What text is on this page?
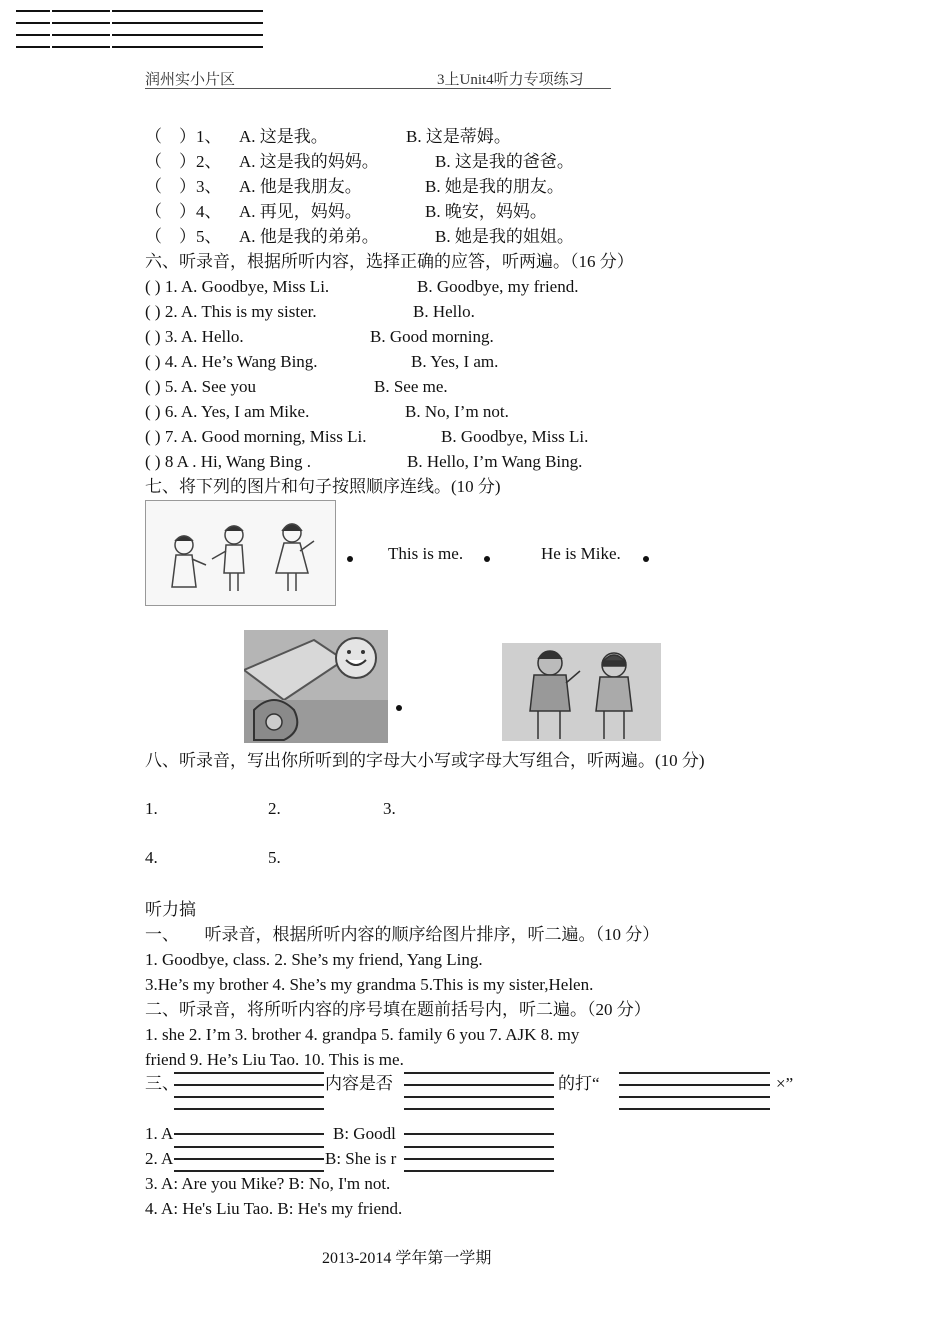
润州实小片区	3上Unit4听力专项练习
（　）1、 A. 这是我。	B. 这是蒂姆。
（　）2、 A. 这是我的妈妈。	B. 这是我的爸爸。
（　）3、 A. 他是我朋友。	B. 她是我的朋友。
（　）4、 A. 再见，妈妈。	B. 晚安，妈妈。
（　）5、 A. 他是我的弟弟。	B. 她是我的姐姐。
六、听录音，根据所听内容，选择正确的应答，听两遍。（16 分）
( ) 1. A. Goodbye, Miss Li.	B. Goodbye, my friend.
( ) 2. A. This is my sister.	B. Hello.
( ) 3. A. Hello.	B. Good morning.
( ) 4. A. He’s Wang Bing.	B. Yes, I am.
( ) 5. A. See you	B. See me.
( ) 6. A. Yes, I am Mike.	B. No, I’m not.
( ) 7. A. Good morning, Miss Li.	B. Goodbye, Miss Li.
( ) 8 A . Hi, Wang Bing .	B. Hello, I’m Wang Bing.
七、将下列的图片和句子按照顺序连线。(10 分)
This is me.	He is Mike.
八、听录音，写出你所听到的字母大小写或字母大写组合，听两遍。(10 分)
1.	2.	3.
4.	5.
听力搞
一、　　听录音，根据所听内容的顺序给图片排序，听二遍。（10 分）
1. Goodbye, class. 2. She’s my friend, Yang Ling.
3.He’s my brother 4. She’s my grandma 5.This is my sister,Helen.
二、听录音，将所听内容的序号填在题前括号内，听二遍。（20 分）
1. she 2. I’m 3. brother 4. grandpa 5. family 6 you 7. AJK 8. my
friend 9. He’s Liu Tao. 10. This is me.
三、	内容是否	的打“	×”
1. A	B: Goodl
2. A	B: She is r
3. A: Are you Mike? B: No, I'm not.
4. A: He's Liu Tao. B: He's my friend.
2013-2014 学年第一学期
